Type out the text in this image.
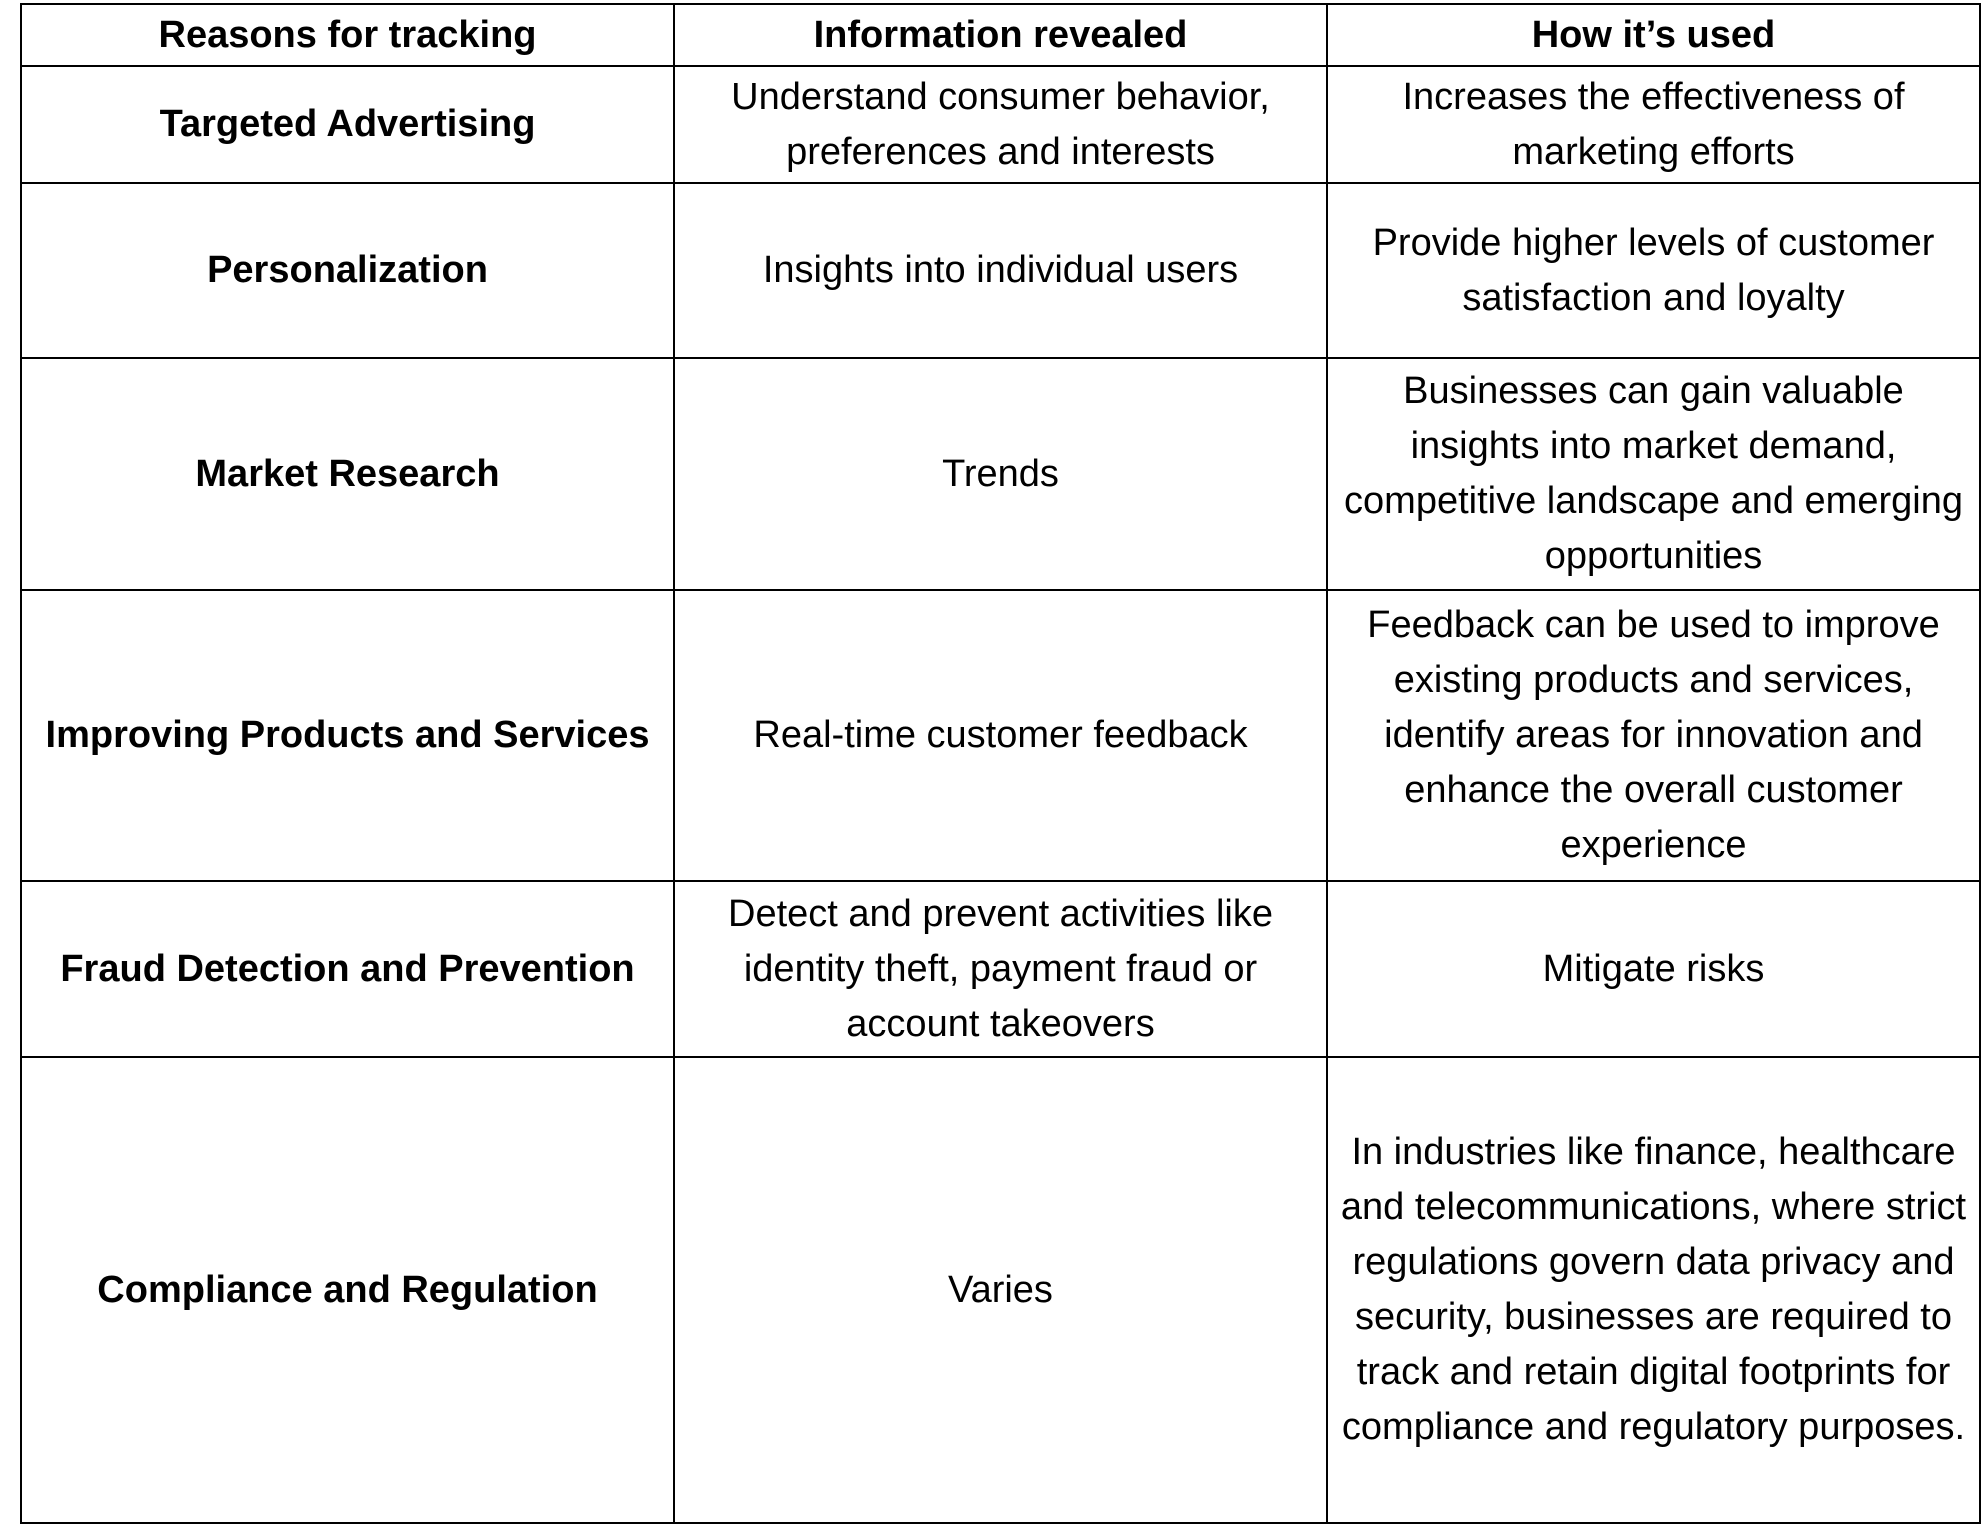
Reasons for tracking	Information revealed	How it’s used
Targeted Advertising	Understand consumer behavior, preferences and interests	Increases the effectiveness of marketing efforts
Personalization	Insights into individual users	Provide higher levels of customer satisfaction and loyalty
Market Research	Trends	Businesses can gain valuable insights into market demand, competitive landscape and emerging opportunities
Improving Products and Services	Real-time customer feedback	Feedback can be used to improve existing products and services, identify areas for innovation and enhance the overall customer experience
Fraud Detection and Prevention	Detect and prevent activities like identity theft, payment fraud or account takeovers	Mitigate risks
Compliance and Regulation	Varies	In industries like finance, healthcare and telecommunications, where strict regulations govern data privacy and security, businesses are required to track and retain digital footprints for compliance and regulatory purposes.
